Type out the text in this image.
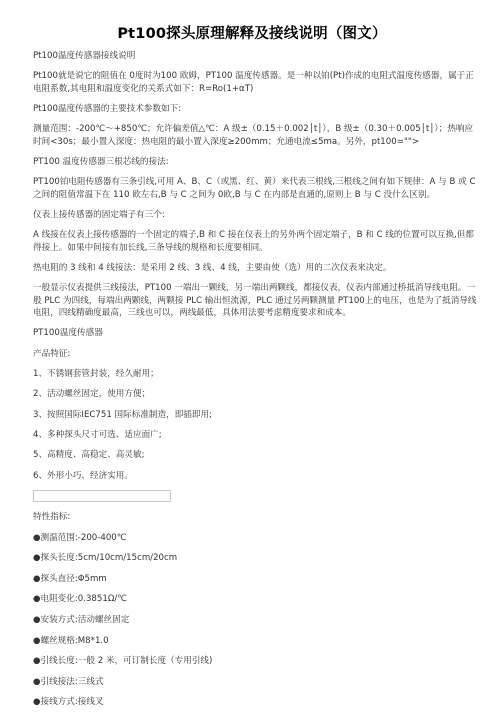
Pt100探头原理解释及接线说明（图文）

Pt100温度传感器接线说明

Pt100就是说它的阻值在 0度时为100 欧姆，PT100 温度传感器。是一种以铂(Pt)作成的电阻式温度传感器，属于正电阻系数,其电阻和温度变化的关系式如下：R=Ro(1+αT)

Pt100温度传感器的主要技术参数如下:

测量范围：-200℃～+850℃；允许偏差值△℃：A 级±（0.15＋0.002│t│），B 级±（0.30＋0.005│t│）；热响应时间<30s；最小置入深度：热电阻的最小置入深度≥200mm；允通电流≤5ma。另外，pt100="">

PT100 温度传感器三根芯线的接法:

PT100铂电阻传感器有三条引线,可用 A、B、C（或黑、红、黄）来代表三根线,三根线之间有如下规律：A 与 B 或 C之间的阻值常温下在 110 欧左右,B 与 C 之间为 0欧,B 与 C 在内部是直通的,原则上 B 与 C 没什么区别。

仪表上接传感器的固定端子有三个:

A 线接在仪表上接传感器的一个固定的端子,B 和 C 接在仪表上的另外两个固定端子，B 和 C 线的位置可以互换,但都得接上。如果中间接有加长线,三条导线的规格和长度要相同。

热电阻的 3 线和 4 线接法：是采用 2 线、3 线、4 线，主要由使（选）用的二次仪表来决定。

一般显示仪表提供三线接法，PT100 一端出一颗线，另一端出两颗线，都接仪表，仪表内部通过桥抵消导线电阻。一般 PLC 为四线，每端出两颗线，两颗接 PLC 输出恒流源，PLC 通过另两颗测量 PT100上的电压，也是为了抵消导线电阻，四线精确度最高，三线也可以，两线最低，具体用法要考虑精度要求和成本。

PT100温度传感器

产品特征:

1、不锈钢套管封装，经久耐用；

2、活动螺丝固定，使用方便；

3、按照国际IEC751 国际标准制造，即插即用;

4、多种探头尺寸可选、适应面广;

5、高精度、高稳定、高灵敏;

6、外形小巧、经济实用。

特性指标:

●测温范围:-200-400℃

●探头长度:5cm/10cm/15cm/20cm

●探头直径:Φ5mm

●电阻变化:0.3851Ω/℃

●安装方式:活动螺丝固定

●螺丝规格:M8*1.0

●引线长度:一般 2 米，可订制长度（专用引线)

●引线接法:三线式

●接线方式:接线叉
